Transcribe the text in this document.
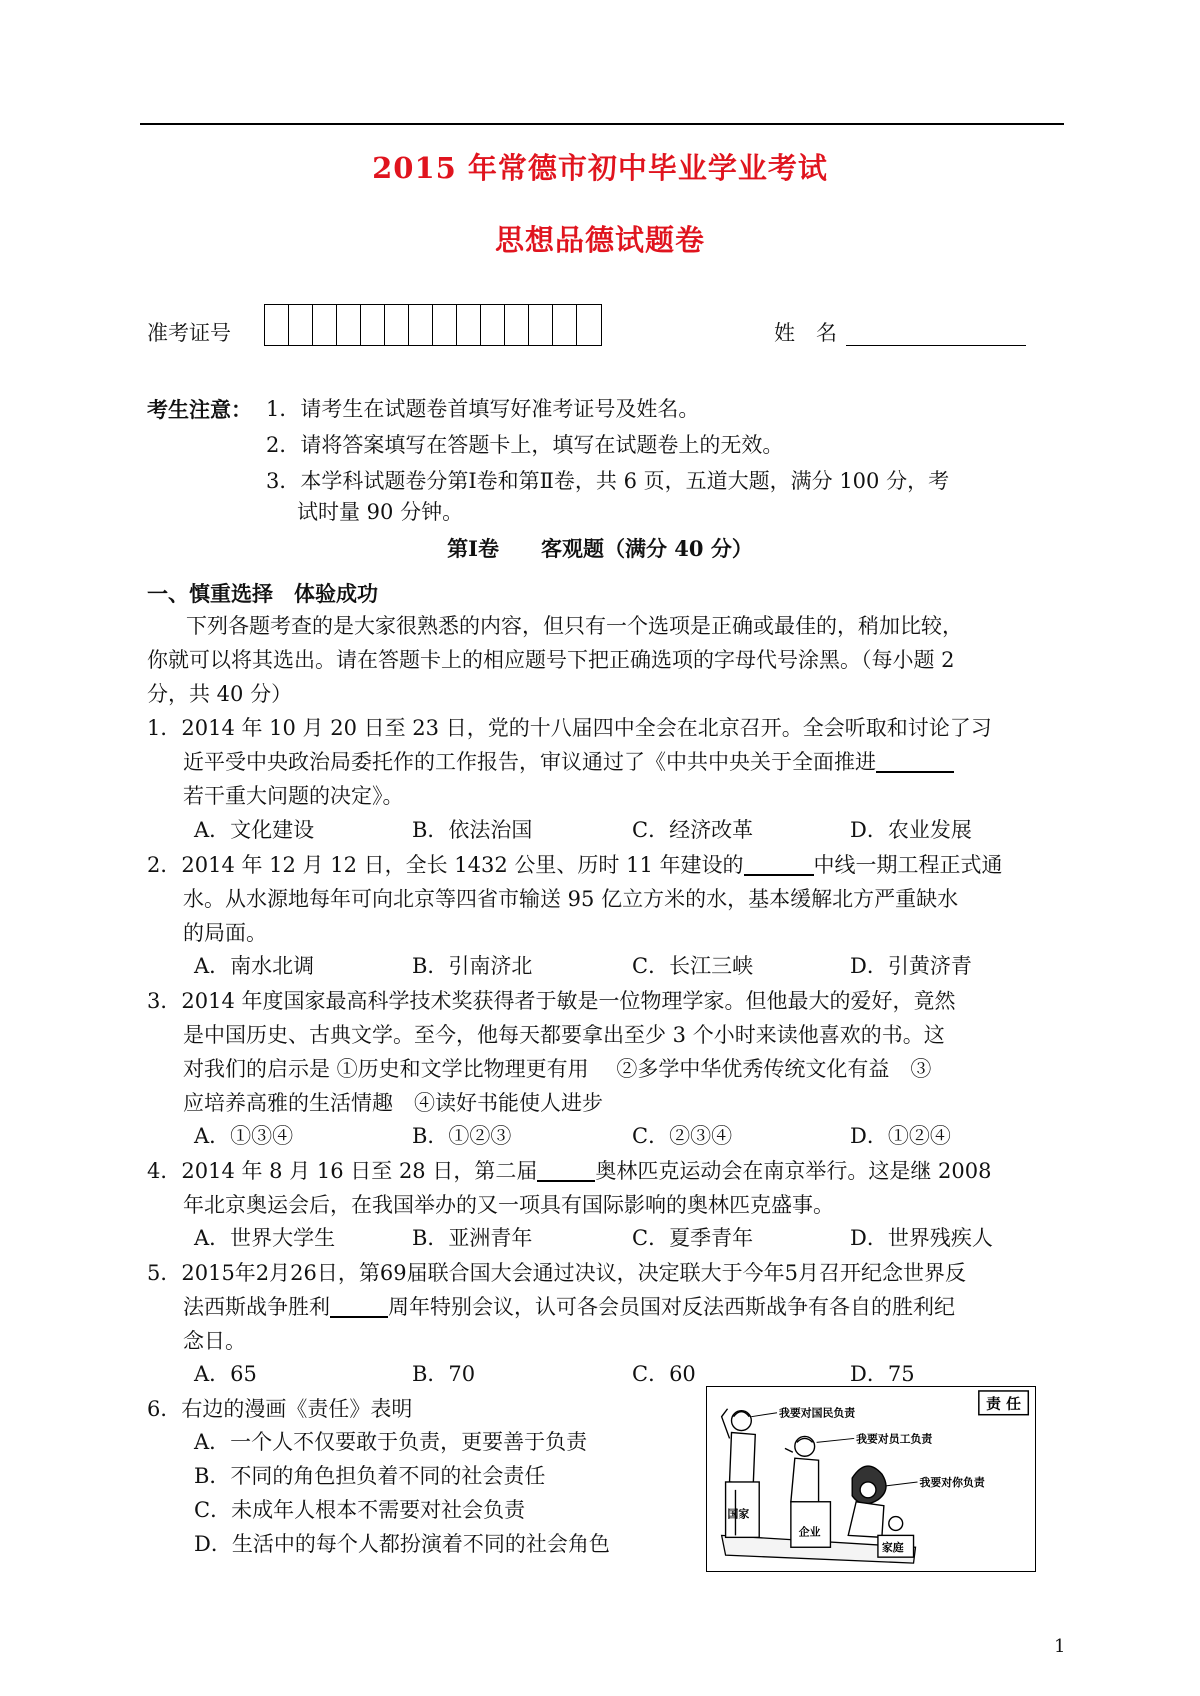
2015 年常德市初中毕业学业考试
思想品德试题卷
准考证号	姓　名
考生注意： 1．请考生在试题卷首填写好准考证号及姓名。
2．请将答案填写在答题卡上，填写在试题卷上的无效。
3．本学科试题卷分第Ⅰ卷和第Ⅱ卷，共 6 页，五道大题，满分 100 分，考
试时量 90 分钟。
第Ⅰ卷　　客观题（满分 40 分）
一、慎重选择　体验成功
下列各题考查的是大家很熟悉的内容，但只有一个选项是正确或最佳的，稍加比较，
你就可以将其选出。请在答题卡上的相应题号下把正确选项的字母代号涂黑。（每小题 2
分，共 40 分）
1．2014 年 10 月 20 日至 23 日，党的十八届四中全会在北京召开。全会听取和讨论了习
近平受中央政治局委托作的工作报告，审议通过了《中共中央关于全面推进
若干重大问题的决定》。
A．文化建设	B．依法治国	C．经济改革	D．农业发展
2．2014 年 12 月 12 日，全长 1432 公里、历时 11 年建设的	中线一期工程正式通
水。从水源地每年可向北京等四省市输送 95 亿立方米的水，基本缓解北方严重缺水
的局面。
A．南水北调	B．引南济北	C．长江三峡	D．引黄济青
3．2014 年度国家最高科学技术奖获得者于敏是一位物理学家。但他最大的爱好，竟然
是中国历史、古典文学。至今，他每天都要拿出至少 3 个小时来读他喜欢的书。这
对我们的启示是 ①历史和文学比物理更有用　 ②多学中华优秀传统文化有益　③
应培养高雅的生活情趣　④读好书能使人进步
A．①③④	B．①②③	C．②③④	D．①②④
4．2014 年 8 月 16 日至 28 日，第二届	奥林匹克运动会在南京举行。这是继 2008
年北京奥运会后，在我国举办的又一项具有国际影响的奥林匹克盛事。
A．世界大学生	B．亚洲青年	C．夏季青年	D．世界残疾人
5．2015年2月26日，第69届联合国大会通过决议，决定联大于今年5月召开纪念世界反
法西斯战争胜利	周年特别会议，认可各会员国对反法西斯战争有各自的胜利纪
念日。
A．65	B．70	C．60	D．75
6．右边的漫画《责任》表明
A．一个人不仅要敢于负责，更要善于负责
B．不同的角色担负着不同的社会责任
C．未成年人根本不需要对社会负责
D．生活中的每个人都扮演着不同的社会角色
责 任
国家
企业
家庭
我要对国民负责
我要对员工负责
我要对你负责
1
